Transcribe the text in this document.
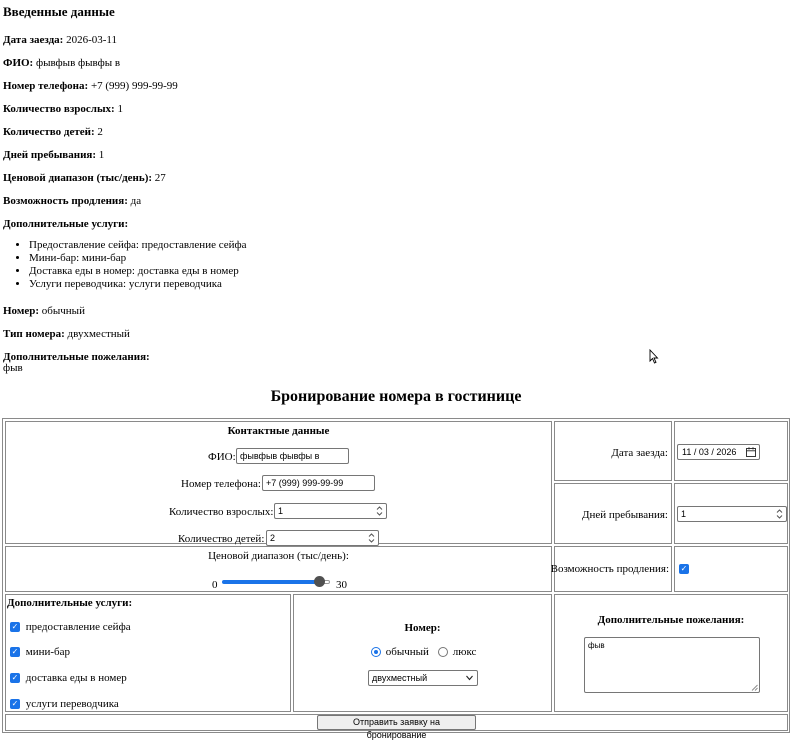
Введенные данные
Дата заезда: 2026-03-11
ФИО: фывфыв фывфы в
Номер телефона: +7 (999) 999-99-99
Количество взрослых: 1
Количество детей: 2
Дней пребывания: 1
Ценовой диапазон (тыс/день): 27
Возможность продления: да
Дополнительные услуги:
• Предоставление сейфа: предоставление сейфа
• Мини-бар: мини-бар
• Доставка еды в номер: доставка еды в номер
• Услуги переводчика: услуги переводчика
Номер: обычный
Тип номера: двухместный
Дополнительные пожелания:
фыв
Бронирование номера в гостинице
Контактные данные
ФИО:
фывфыв фывфы в
Номер телефона:
+7 (999) 999-99-99
Количество взрослых: 1
Количество детей: 2
Дата заезда:	11 / 03 / 2026
Дней пребывания:	1
Ценовой диапазон (тыс/день):
0	30
Возможность продления: ✓
Дополнительные услуги:
✓ предоставление сейфа
✓ мини-бар
✓ доставка еды в номер
✓ услуги переводчика
Номер:
обычный	люкс
двухместный
Дополнительные пожелания:
фыв
Отправить заявку на бронирование
